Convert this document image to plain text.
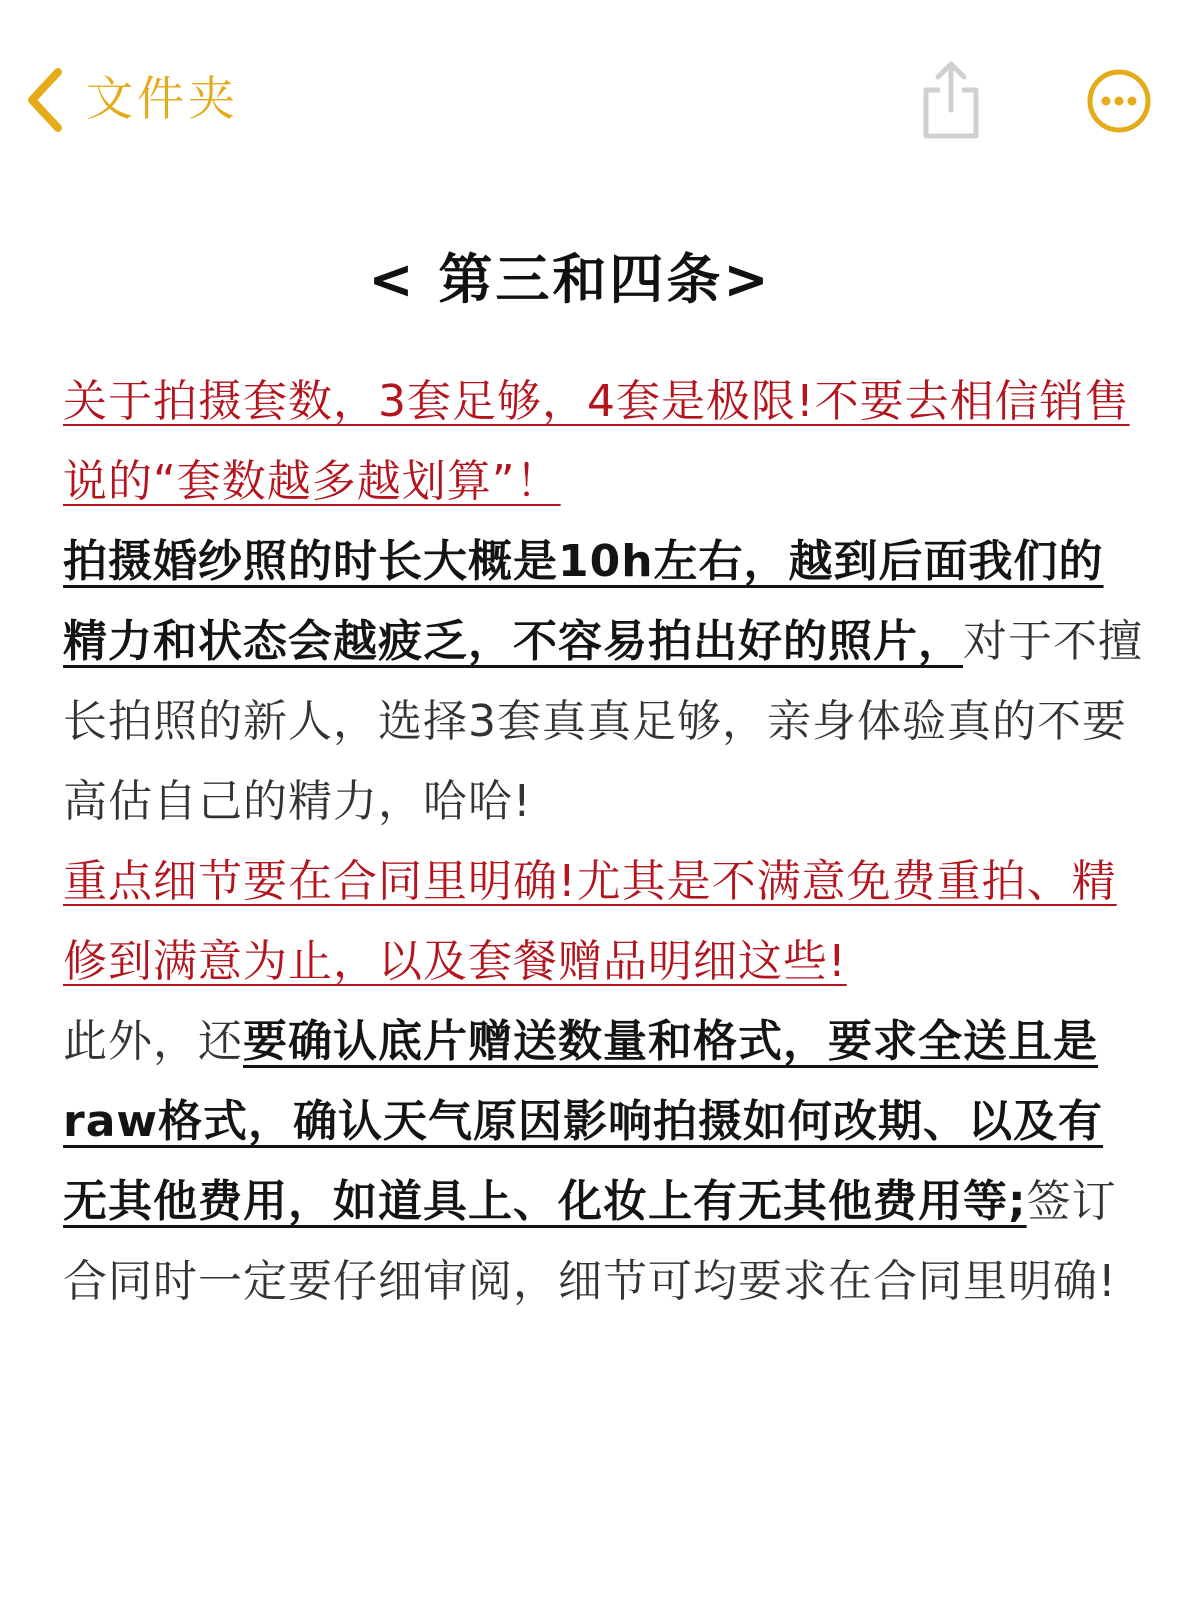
文件夹
< 第三和四条>

关于拍摄套数，3套足够，4套是极限!不要去相信销售说的“套数越多越划算”！

拍摄婚纱照的时长大概是10h左右，越到后面我们的精力和状态会越疲乏，不容易拍出好的照片，对于不擅长拍照的新人，选择3套真真足够，亲身体验真的不要高估自己的精力，哈哈!

重点细节要在合同里明确!尤其是不满意免费重拍、精修到满意为止，以及套餐赠品明细这些!

此外，还要确认底片赠送数量和格式，要求全送且是raw格式，确认天气原因影响拍摄如何改期、以及有无其他费用，如道具上、化妆上有无其他费用等;签订合同时一定要仔细审阅，细节可均要求在合同里明确!
